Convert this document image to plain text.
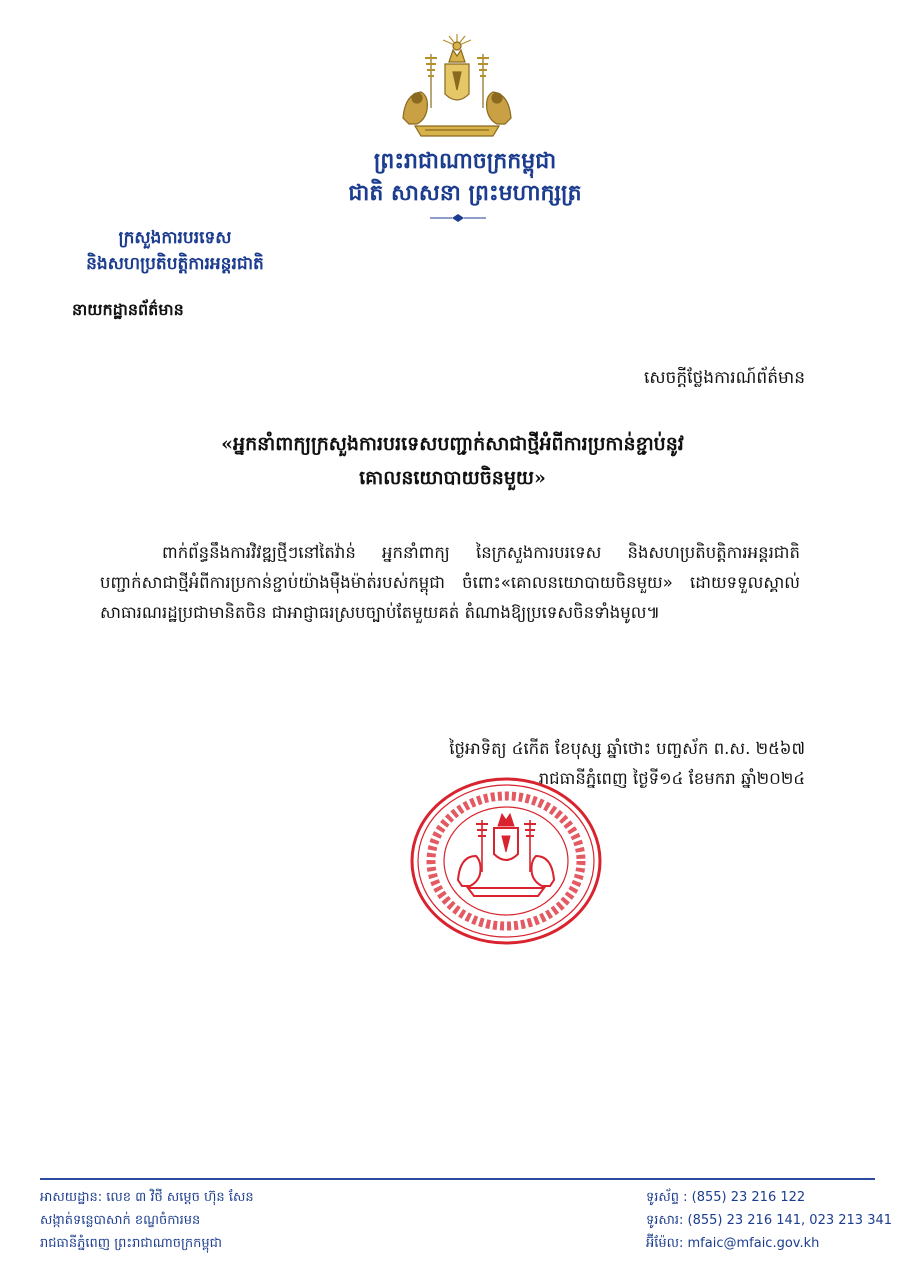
ព្រះរាជាណាចក្រកម្ពុជា
ជាតិ សាសនា ព្រះមហាក្សត្រ
ក្រសួងការបរទេស
និងសហប្រតិបត្តិការអន្តរជាតិ
នាយកដ្ឋានព័ត៌មាន
សេចក្តីថ្លែងការណ៍ព័ត៌មាន
«អ្នកនាំពាក្យក្រសួងការបរទេសបញ្ជាក់សាជាថ្មីអំពីការប្រកាន់ខ្ជាប់នូវ
គោលនយោបាយចិនមួយ»
ពាក់ព័ន្ធនឹងការវិវឌ្ឍថ្មីៗនៅតៃវ៉ាន់ អ្នកនាំពាក្យ នៃក្រសួងការបរទេស និងសហប្រតិបត្តិការអន្តរជាតិ បញ្ជាក់សាជាថ្មីអំពីការប្រកាន់ខ្ជាប់យ៉ាងម៉ឺងម៉ាត់របស់កម្ពុជា ចំពោះ«គោលនយោបាយចិនមួយ» ដោយទទួលស្គាល់សាធារណរដ្ឋប្រជាមានិតចិន ជាអាជ្ញាធរស្របច្បាប់តែមួយគត់ តំណាងឱ្យប្រទេសចិនទាំងមូល៕
ថ្ងៃអាទិត្យ ៤កើត ខែបុស្ស ឆ្នាំថោះ បញ្ចស័ក ព.ស. ២៥៦៧
រាជធានីភ្នំពេញ ថ្ងៃទី១៤ ខែមករា ឆ្នាំ២០២៤
អាសយដ្ឋាន: លេខ ៣ វិថី សម្តេច ហ៊ុន សែន
សង្កាត់ទន្លេបាសាក់ ខណ្ឌចំការមន
រាជធានីភ្នំពេញ ព្រះរាជាណាចក្រកម្ពុជា
ទូរស័ព្ទ : (855) 23 216 122
ទូរសារ: (855) 23 216 141, 023 213 341
អ៊ីម៉ែល: mfaic@mfaic.gov.kh
